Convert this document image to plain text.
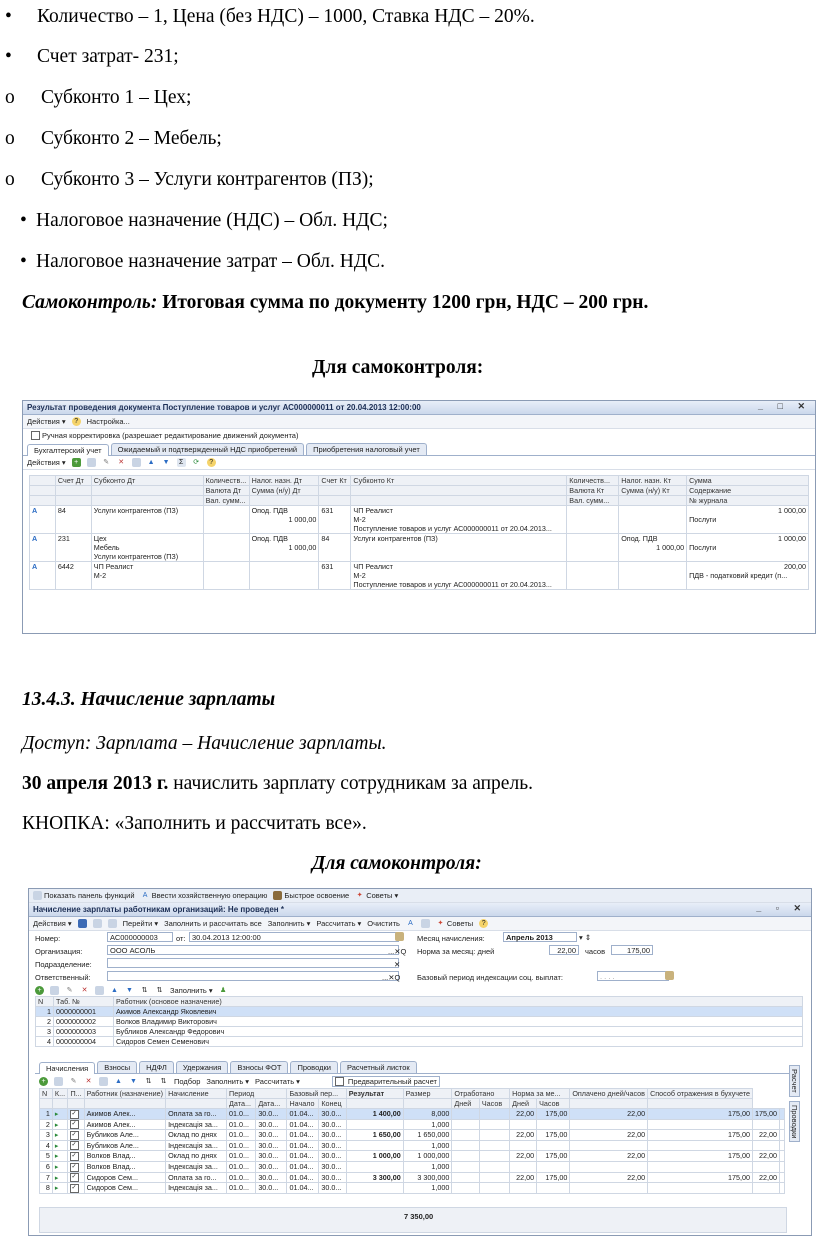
• Количество – 1, Цена (без НДС) – 1000, Ставка НДС – 20%.
• Счет затрат- 231;
o Субконто 1 – Цех;
o Субконто 2 – Мебель;
o Субконто 3 – Услуги контрагентов (ПЗ);
• Налоговое назначение (НДС) – Обл. НДС;
• Налоговое назначение затрат – Обл. НДС.
Самоконтроль: Итоговая сумма по документу 1200 грн, НДС – 200 грн.
Для самоконтроля:
Результат проведения документа Поступление товаров и услуг АС000000011 от 20.04.2013 12:00:00	_ □ ✕
Действия ▾	?	Настройка...
Ручная корректировка (разрешает редактирование движений документа)
Бухгалтерский учет	Ожидаемый и подтвержденный НДС приобретений	Приобретения налоговый учет
Действия ▾	+	✎ ✕	▲ ▼	Σ	⟳	?
	Счет Дт	Субконто Дт	Количеств...	Налог. назн. Дт	Счет Кт	Субконто Кт	Количеств...	Налог. назн. Кт	Сумма
			Валюта Дт	Сумма (н/у) Дт			Валюта Кт	Сумма (н/у) Кт	Содержание
			Вал. сумм...				Вал. сумм...		№ журнала
A	84	Услуги контрагентов (ПЗ)		Опод. ПДВ	631	ЧП Реалист			1 000,00
				1 000,00		М-2			Послуги
						Поступление товаров и услуг АС000000011 от 20.04.2013...			
A	231	Цех		Опод. ПДВ	84	Услуги контрагентов (ПЗ)		Опод. ПДВ	1 000,00
		Мебель		1 000,00				1 000,00	Послуги
		Услуги контрагентов (ПЗ)							
A	6442	ЧП Реалист			631	ЧП Реалист			200,00
		М-2				М-2			ПДВ - податковий кредит (п...
						Поступление товаров и услуг АС000000011 от 20.04.2013...			
13.4.3. Начисление зарплаты
Доступ: Зарплата – Начисление зарплаты.
30 апреля 2013 г. начислить зарплату сотрудникам за апрель.
КНОПКА: «Заполнить и рассчитать все».
Для самоконтроля:
Показать панель функций	A Ввести хозяйственную операцию Быстрое освоение ✦ Советы ▾
Начисление зарплаты работникам организаций: Не проведен *	_ ▫ ✕
Действия ▾	Перейти ▾ Заполнить и рассчитать все Заполнить ▾ Рассчитать ▾ Очистить	A	✦ Советы	?
Номер:	АС000000003	от: 30.04.2013 12:00:00
Организация:	ООО АСОЛЬ	...✕Q
Подразделение:	✕
Ответственный:	...✕Q
Месяц начисления:	Апрель 2013	▾ ⇕
Норма за месяц: дней	22,00	часов	175,00
Базовый период индексации соц. выплат:	. . . .
+	✎ ✕	▲ ▼ ⇅ ⇅ Заполнить ▾ ♟
N	Таб. №	Работник (основое назначение)
1	0000000001	Акимов Александр Яковлевич
2	0000000002	Волков Владимир Викторович
3	0000000003	Бубликов Александр Федорович
4	0000000004	Сидоров Семен Семенович
Начисления	Взносы	НДФЛ	Удержания	Взносы ФОТ	Проводки	Расчетный листок
+	✎ ✕	▲ ▼ ⇅ ⇅ Подбор Заполнить ▾ Рассчитать ▾	Предварительный расчет	Расчет
Проводки
N	К...	П...	Работник (назначение)	Начисление	Период		Базовый пер...		Результат	Размер	Отработано		Норма за ме...		Оплачено дней/часов	Способ отражения в бухучете		
					Дата...	Дата...	Начало	Конец			Дней	Часов	Дней	Часов				
1	▸	✓	Акимов Алек...	Оплата за го...	01.0...	30.0...	01.04...	30.0...	1 400,00	8,000			22,00	175,00	22,00	175,00	175,00	
2	▸	✓	Акимов Алек...	Індексація за...	01.0...	30.0...	01.04...	30.0...		1,000								
3	▸	✓	Бубликов Але...	Оклад по днях	01.0...	30.0...	01.04...	30.0...	1 650,00	1 650,000			22,00	175,00	22,00	175,00	22,00	
4	▸	✓	Бубликов Але...	Індексація за...	01.0...	30.0...	01.04...	30.0...		1,000								
5	▸	✓	Волков Влад...	Оклад по днях	01.0...	30.0...	01.04...	30.0...	1 000,00	1 000,000			22,00	175,00	22,00	175,00	22,00	
6	▸	✓	Волков Влад...	Індексація за...	01.0...	30.0...	01.04...	30.0...		1,000								
7	▸	✓	Сидоров Сем...	Оплата за го...	01.0...	30.0...	01.04...	30.0...	3 300,00	3 300,000			22,00	175,00	22,00	175,00	22,00	
8	▸	✓	Сидоров Сем...	Індексація за...	01.0...	30.0...	01.04...	30.0...		1,000								
7 350,00
